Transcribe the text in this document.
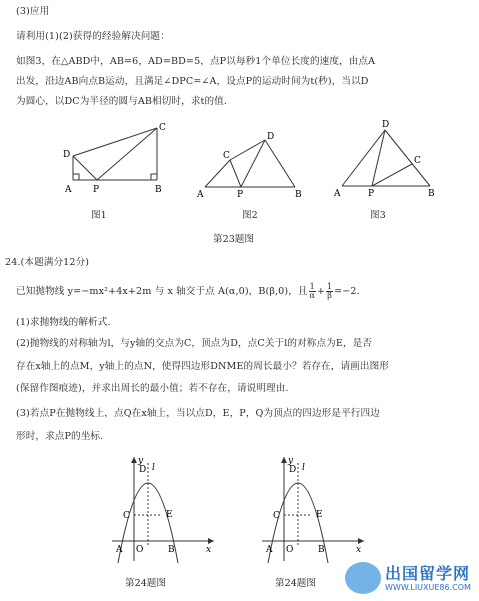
(3)应用
请利用(1)(2)获得的经验解决问题：
如图3，在△ABD中，AB=6，AD=BD=5，点P以每秒1个单位长度的速度，由点A
出发，沿边AB向点B运动，且满足∠DPC=∠A，设点P的运动时间为t(秒)，当以D
为圆心，以DC为半径的圆与AB相切时，求t的值.
D
C
A P	B
C
D
A	P	B
D
C
A	P	B
图1	图2	图3
第23题图
24.(本题满分12分)
已知抛物线 y=−mx²+4x+2m 与 x 轴交于点 A(α,0)，B(β,0)，且 $\frac{1}{\alpha} + \frac{1}{\beta} =-2$.
(1)求抛物线的解析式.
(2)抛物线的对称轴为l，与y轴的交点为C，顶点为D，点C关于l的对称点为E，是否
存在x轴上的点M，y轴上的点N，使得四边形DNME的周长最小？若存在，请画出图形
(保留作图痕迹)，并求出周长的最小值；若不存在，请说明理由.
(3)若点P在抛物线上，点Q在x轴上，当以点D，E，P，Q为顶点的四边形是平行四边
形时，求点P的坐标.
y
D l
C	E
A O	B	x
y
D l
C	E
A O	B	x
第24题图	第24题图
出国留学网
WWW.LIUXUE86.COM
